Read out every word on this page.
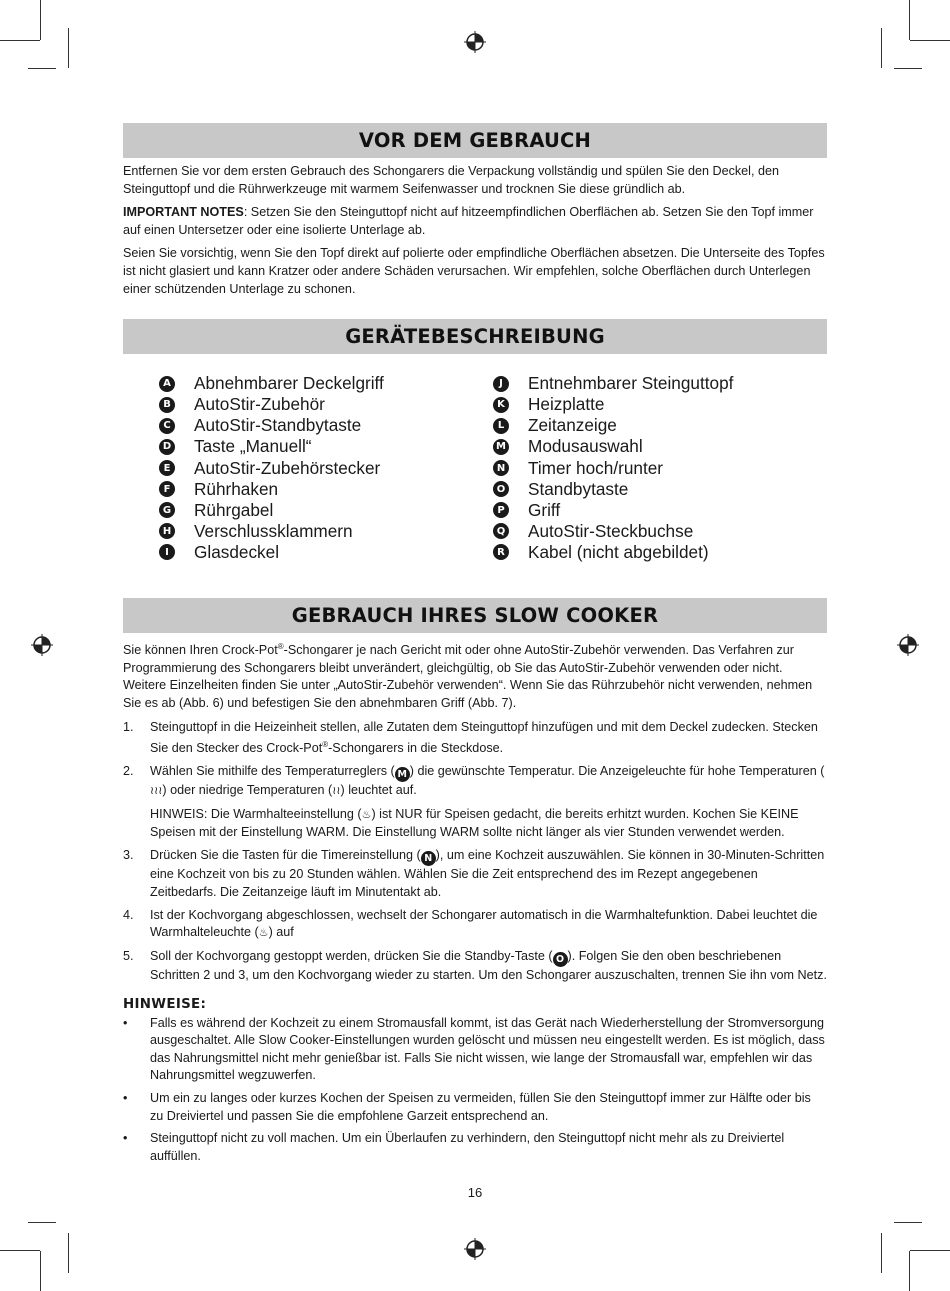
VOR DEM GEBRAUCH

Entfernen Sie vor dem ersten Gebrauch des Schongarers die Verpackung vollständig und spülen Sie den Deckel, den Steinguttopf und die Rührwerkzeuge mit warmem Seifenwasser und trocknen Sie diese gründlich ab.

IMPORTANT NOTES: Setzen Sie den Steinguttopf nicht auf hitzeempfindlichen Oberflächen ab. Setzen Sie den Topf immer auf einen Untersetzer oder eine isolierte Unterlage ab.

Seien Sie vorsichtig, wenn Sie den Topf direkt auf polierte oder empfindliche Oberflächen absetzen. Die Unterseite des Topfes ist nicht glasiert und kann Kratzer oder andere Schäden verursachen. Wir empfehlen, solche Oberflächen durch Unterlegen einer schützenden Unterlage zu schonen.

GERÄTEBESCHREIBUNG
A Abnehmbarer Deckelgriff
B AutoStir-Zubehör
C AutoStir-Standbytaste
D Taste „Manuell“
E AutoStir-Zubehörstecker
F Rührhaken
G Rührgabel
H Verschlussklammern
I	Glasdeckel
J	Entnehmbarer Steinguttopf
K Heizplatte
L Zeitanzeige
M Modusauswahl
N Timer hoch/runter
O Standbytaste
P Griff
Q AutoStir-Steckbuchse
R Kabel (nicht abgebildet)
GEBRAUCH IHRES SLOW COOKER

Sie können Ihren Crock-Pot®-Schongarer je nach Gericht mit oder ohne AutoStir-Zubehör verwenden. Das Verfahren zur Programmierung des Schongarers bleibt unverändert, gleichgültig, ob Sie das AutoStir-Zubehör verwenden oder nicht. Weitere Einzelheiten finden Sie unter „AutoStir-Zubehör verwenden“. Wenn Sie das Rührzubehör nicht verwenden, nehmen Sie es ab (Abb. 6) und befestigen Sie den abnehmbaren Griff (Abb. 7).

1.	Steinguttopf in die Heizeinheit stellen, alle Zutaten dem Steinguttopf hinzufügen und mit dem Deckel zudecken. Stecken Sie den Stecker des Crock-Pot®-Schongarers in die Steckdose.
2.	Wählen Sie mithilfe des Temperaturreglers ( M ) die gewünschte Temperatur. Die Anzeigeleuchte für hohe Temperaturen (≀≀≀) oder niedrige Temperaturen (≀≀) leuchtet auf.
HINWEIS: Die Warmhalteeinstellung (♨) ist NUR für Speisen gedacht, die bereits erhitzt wurden. Kochen Sie KEINE Speisen mit der Einstellung WARM. Die Einstellung WARM sollte nicht länger als vier Stunden verwendet werden.
3.	Drücken Sie die Tasten für die Timereinstellung ( N ), um eine Kochzeit auszuwählen. Sie können in 30-Minuten-Schritten eine Kochzeit von bis zu 20 Stunden wählen. Wählen Sie die Zeit entsprechend des im Rezept angegebenen Zeitbedarfs. Die Zeitanzeige läuft im Minutentakt ab.
4.	Ist der Kochvorgang abgeschlossen, wechselt der Schongarer automatisch in die Warmhaltefunktion. Dabei leuchtet die Warmhalteleuchte (♨) auf
5.	Soll der Kochvorgang gestoppt werden, drücken Sie die Standby-Taste ( O ). Folgen Sie den oben beschriebenen Schritten 2 und 3, um den Kochvorgang wieder zu starten. Um den Schongarer auszuschalten, trennen Sie ihn vom Netz.
HINWEISE:
•	Falls es während der Kochzeit zu einem Stromausfall kommt, ist das Gerät nach Wiederherstellung der Stromversorgung ausgeschaltet. Alle Slow Cooker-Einstellungen wurden gelöscht und müssen neu eingestellt werden. Es ist möglich, dass das Nahrungsmittel nicht mehr genießbar ist. Falls Sie nicht wissen, wie lange der Stromausfall war, empfehlen wir das Nahrungsmittel wegzuwerfen.
•	Um ein zu langes oder kurzes Kochen der Speisen zu vermeiden, füllen Sie den Steinguttopf immer zur Hälfte oder bis zu Dreiviertel und passen Sie die empfohlene Garzeit entsprechend an.
•	Steinguttopf nicht zu voll machen. Um ein Überlaufen zu verhindern, den Steinguttopf nicht mehr als zu Dreiviertel auffüllen.
16
